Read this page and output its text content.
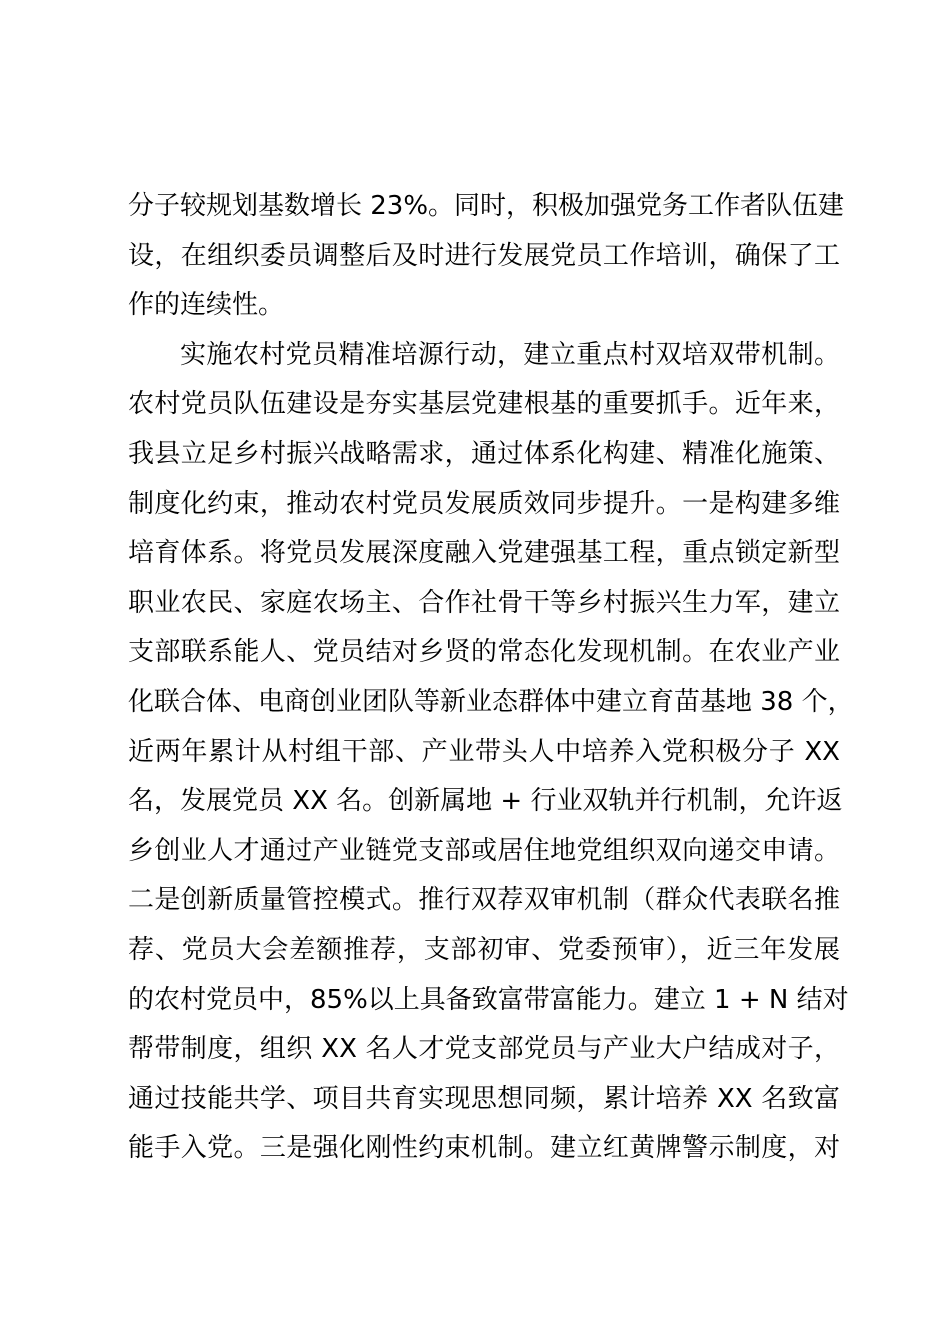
分子较规划基数增长 23%。同时，积极加强党务工作者队伍建
设，在组织委员调整后及时进行发展党员工作培训，确保了工
作的连续性。
实施农村党员精准培源行动，建立重点村双培双带机制。
农村党员队伍建设是夯实基层党建根基的重要抓手。近年来，
我县立足乡村振兴战略需求，通过体系化构建、精准化施策、
制度化约束，推动农村党员发展质效同步提升。一是构建多维
培育体系。将党员发展深度融入党建强基工程，重点锁定新型
职业农民、家庭农场主、合作社骨干等乡村振兴生力军，建立
支部联系能人、党员结对乡贤的常态化发现机制。在农业产业
化联合体、电商创业团队等新业态群体中建立育苗基地 38 个，
近两年累计从村组干部、产业带头人中培养入党积极分子 XX
名，发展党员 XX 名。创新属地 + 行业双轨并行机制，允许返
乡创业人才通过产业链党支部或居住地党组织双向递交申请。
二是创新质量管控模式。推行双荐双审机制（群众代表联名推
荐、党员大会差额推荐，支部初审、党委预审），近三年发展
的农村党员中，85%以上具备致富带富能力。建立 1 + N 结对
帮带制度，组织 XX 名人才党支部党员与产业大户结成对子，
通过技能共学、项目共育实现思想同频，累计培养 XX 名致富
能手入党。三是强化刚性约束机制。建立红黄牌警示制度，对
